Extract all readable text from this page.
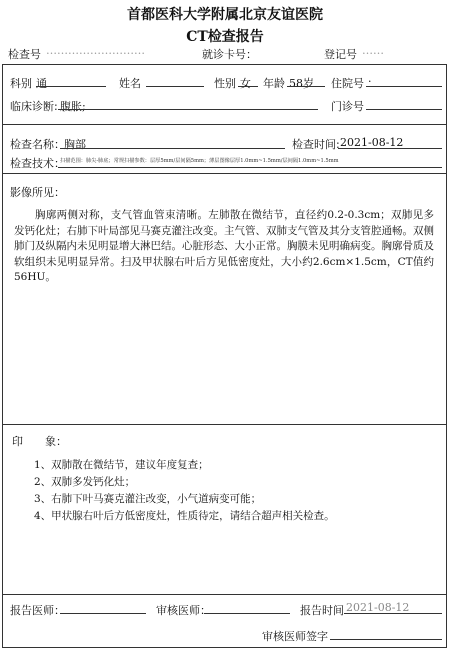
首都医科大学附属北京友谊医院
CT检查报告
检查号 ………………………	就诊卡号：	登记号 ……
科别 通	姓名	性别 女 年龄 58岁 住院号 ·
临床诊断: 腹胀;	门诊号
检查名称： 胸部	检查时间: 2021-08-12
检查技术：
扫描范围：肺尖-肺底；常规扫描参数：层厚5mm/层间隔5mm；薄层图像层厚1.0mm~1.5mm/层间隔1.0mm~1.5mm
影像所见：
胸廓两侧对称，支气管血管束清晰。左肺散在微结节，直径约0.2-0.3cm；双肺见多发钙化灶；右肺下叶局部见马赛克灌注改变。主气管、双肺支气管及其分支管腔通畅。双侧肺门及纵隔内未见明显增大淋巴结。心脏形态、大小正常。胸膜未见明确病变。胸廓骨质及软组织未见明显异常。扫及甲状腺右叶后方见低密度灶，大小约2.6cm×1.5cm，CT值约56HU。
印　　象：
1、双肺散在微结节，建议年度复查；
2、双肺多发钙化灶；
3、右肺下叶马赛克灌注改变，小气道病变可能；
4、甲状腺右叶后方低密度灶，性质待定，请结合超声相关检查。
报告医师：	审核医师：	报告时间 2021-08-12
审核医师签字
